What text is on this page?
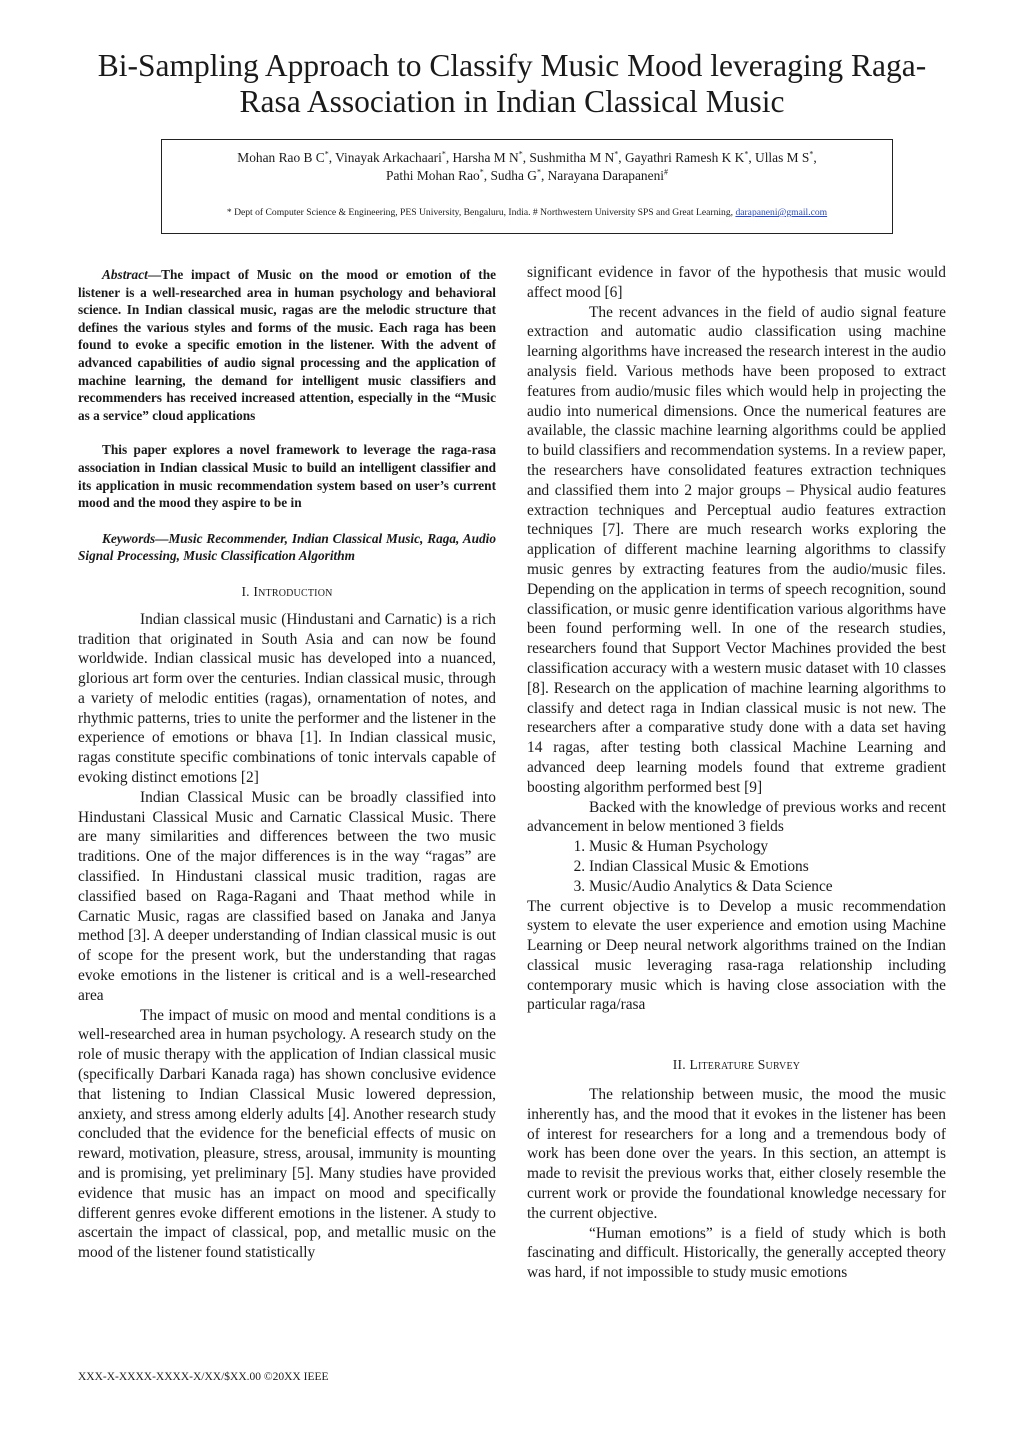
Bi-Sampling Approach to Classify Music Mood leveraging Raga-
Rasa Association in Indian Classical Music
Mohan Rao B C*, Vinayak Arkachaari*, Harsha M N*, Sushmitha M N*, Gayathri Ramesh K K*, Ullas M S*,
Pathi Mohan Rao*, Sudha G*, Narayana Darapaneni#
* Dept of Computer Science & Engineering, PES University, Bengaluru, India. # Northwestern University SPS and Great Learning, darapaneni@gmail.com

Abstract—The impact of Music on the mood or emotion of the listener is a well-researched area in human psychology and behavioral science. In Indian classical music, ragas are the melodic structure that defines the various styles and forms of the music. Each raga has been found to evoke a specific emotion in the listener. With the advent of advanced capabilities of audio signal processing and the application of machine learning, the demand for intelligent music classifiers and recommenders has received increased attention, especially in the “Music as a service” cloud applications

This paper explores a novel framework to leverage the raga-rasa association in Indian classical Music to build an intelligent classifier and its application in music recommendation system based on user’s current mood and the mood they aspire to be in

Keywords—Music Recommender, Indian Classical Music, Raga, Audio Signal Processing, Music Classification Algorithm

I. Introduction

Indian classical music (Hindustani and Carnatic) is a rich tradition that originated in South Asia and can now be found worldwide. Indian classical music has developed into a nuanced, glorious art form over the centuries. Indian classical music, through a variety of melodic entities (ragas), ornamentation of notes, and rhythmic patterns, tries to unite the performer and the listener in the experience of emotions or bhava [1]. In Indian classical music, ragas constitute specific combinations of tonic intervals capable of evoking distinct emotions [2]

Indian Classical Music can be broadly classified into Hindustani Classical Music and Carnatic Classical Music. There are many similarities and differences between the two music traditions. One of the major differences is in the way “ragas” are classified. In Hindustani classical music tradition, ragas are classified based on Raga-Ragani and Thaat method while in Carnatic Music, ragas are classified based on Janaka and Janya method [3]. A deeper understanding of Indian classical music is out of scope for the present work, but the understanding that ragas evoke emotions in the listener is critical and is a well-researched area

The impact of music on mood and mental conditions is a well-researched area in human psychology. A research study on the role of music therapy with the application of Indian classical music (specifically Darbari Kanada raga) has shown conclusive evidence that listening to Indian Classical Music lowered depression, anxiety, and stress among elderly adults [4]. Another research study concluded that the evidence for the beneficial effects of music on reward, motivation, pleasure, stress, arousal, immunity is mounting and is promising, yet preliminary [5]. Many studies have provided evidence that music has an impact on mood and specifically different genres evoke different emotions in the listener. A study to ascertain the impact of classical, pop, and metallic music on the mood of the listener found statistically

significant evidence in favor of the hypothesis that music would affect mood [6]

The recent advances in the field of audio signal feature extraction and automatic audio classification using machine learning algorithms have increased the research interest in the audio analysis field. Various methods have been proposed to extract features from audio/music files which would help in projecting the audio into numerical dimensions. Once the numerical features are available, the classic machine learning algorithms could be applied to build classifiers and recommendation systems. In a review paper, the researchers have consolidated features extraction techniques and classified them into 2 major groups – Physical audio features extraction techniques and Perceptual audio features extraction techniques [7]. There are much research works exploring the application of different machine learning algorithms to classify music genres by extracting features from the audio/music files. Depending on the application in terms of speech recognition, sound classification, or music genre identification various algorithms have been found performing well. In one of the research studies, researchers found that Support Vector Machines provided the best classification accuracy with a western music dataset with 10 classes [8]. Research on the application of machine learning algorithms to classify and detect raga in Indian classical music is not new. The researchers after a comparative study done with a data set having 14 ragas, after testing both classical Machine Learning and advanced deep learning models found that extreme gradient boosting algorithm performed best [9]

Backed with the knowledge of previous works and recent advancement in below mentioned 3 fields

1. Music & Human Psychology
2. Indian Classical Music & Emotions
3. Music/Audio Analytics & Data Science

The current objective is to Develop a music recommendation system to elevate the user experience and emotion using Machine Learning or Deep neural network algorithms trained on the Indian classical music leveraging rasa-raga relationship including contemporary music which is having close association with the particular raga/rasa

II. Literature Survey

The relationship between music, the mood the music inherently has, and the mood that it evokes in the listener has been of interest for researchers for a long and a tremendous body of work has been done over the years. In this section, an attempt is made to revisit the previous works that, either closely resemble the current work or provide the foundational knowledge necessary for the current objective.

“Human emotions” is a field of study which is both fascinating and difficult. Historically, the generally accepted theory was hard, if not impossible to study music emotions

XXX-X-XXXX-XXXX-X/XX/$XX.00 ©20XX IEEE
